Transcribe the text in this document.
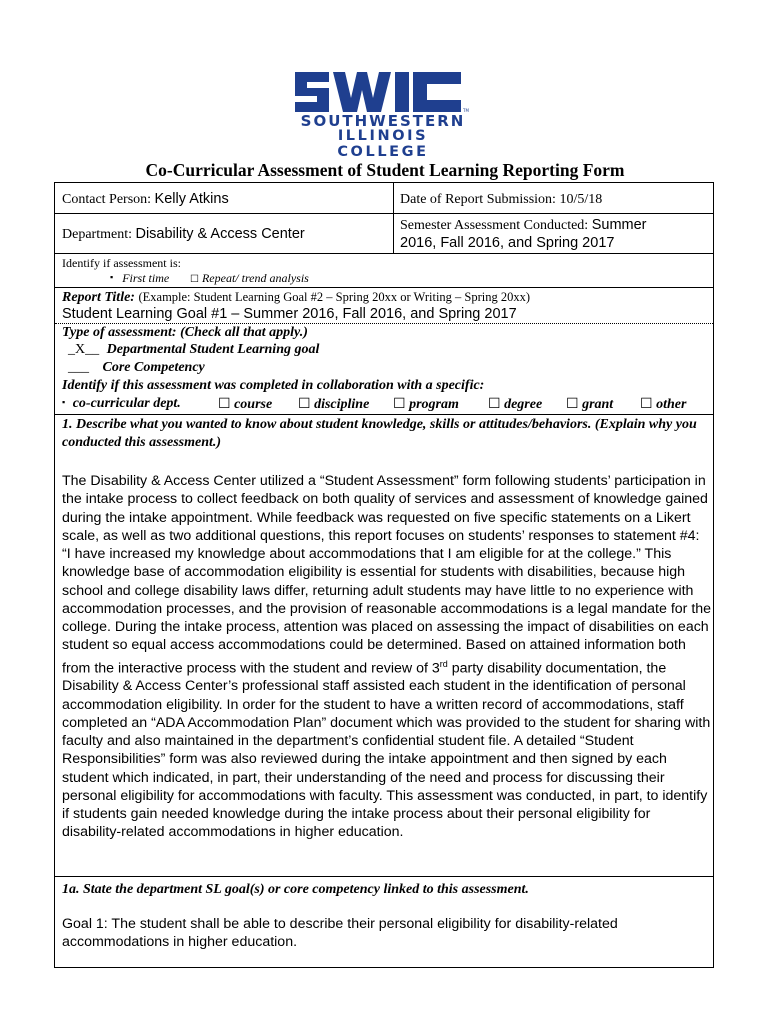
TM
SOUTHWESTERN
ILLINOIS COLLEGE
Co-Curricular Assessment of Student Learning Reporting Form
Contact Person: Kelly Atkins	Date of Report Submission: 10/5/18
Department: Disability & Access Center
Semester Assessment Conducted: Summer
2016, Fall 2016, and Spring 2017
Identify if assessment is:
▪ First time ☐ Repeat/ trend analysis
Report Title: (Example: Student Learning Goal #2 – Spring 20xx or Writing – Spring 20xx)
Student Learning Goal #1 – Summer 2016, Fall 2016, and Spring 2017
Type of assessment: (Check all that apply.)
_X__ Departmental Student Learning goal
___ Core Competency
Identify if this assessment was completed in collaboration with a specific:
▪ co-curricular dept.	☐ course ☐ discipline ☐ program ☐ degree ☐ grant ☐ other
1. Describe what you wanted to know about student knowledge, skills or attitudes/behaviors. (Explain why you conducted this assessment.)
The Disability & Access Center utilized a “Student Assessment” form following students’ participation in the intake process to collect feedback on both quality of services and assessment of knowledge gained during the intake appointment. While feedback was requested on five specific statements on a Likert scale, as well as two additional questions, this report focuses on students’ responses to statement #4: “I have increased my knowledge about accommodations that I am eligible for at the college.” This knowledge base of accommodation eligibility is essential for students with disabilities, because high school and college disability laws differ, returning adult students may have little to no experience with accommodation processes, and the provision of reasonable accommodations is a legal mandate for the college. During the intake process, attention was placed on assessing the impact of disabilities on each student so equal access accommodations could be determined. Based on attained information both from the interactive process with the student and review of 3rd party disability documentation, the Disability & Access Center’s professional staff assisted each student in the identification of personal accommodation eligibility. In order for the student to have a written record of accommodations, staff completed an “ADA Accommodation Plan” document which was provided to the student for sharing with faculty and also maintained in the department’s confidential student file. A detailed “Student Responsibilities” form was also reviewed during the intake appointment and then signed by each student which indicated, in part, their understanding of the need and process for discussing their personal eligibility for accommodations with faculty. This assessment was conducted, in part, to identify if students gain needed knowledge during the intake process about their personal eligibility for disability-related accommodations in higher education.
1a. State the department SL goal(s) or core competency linked to this assessment.
Goal 1: The student shall be able to describe their personal eligibility for disability-related accommodations in higher education.
